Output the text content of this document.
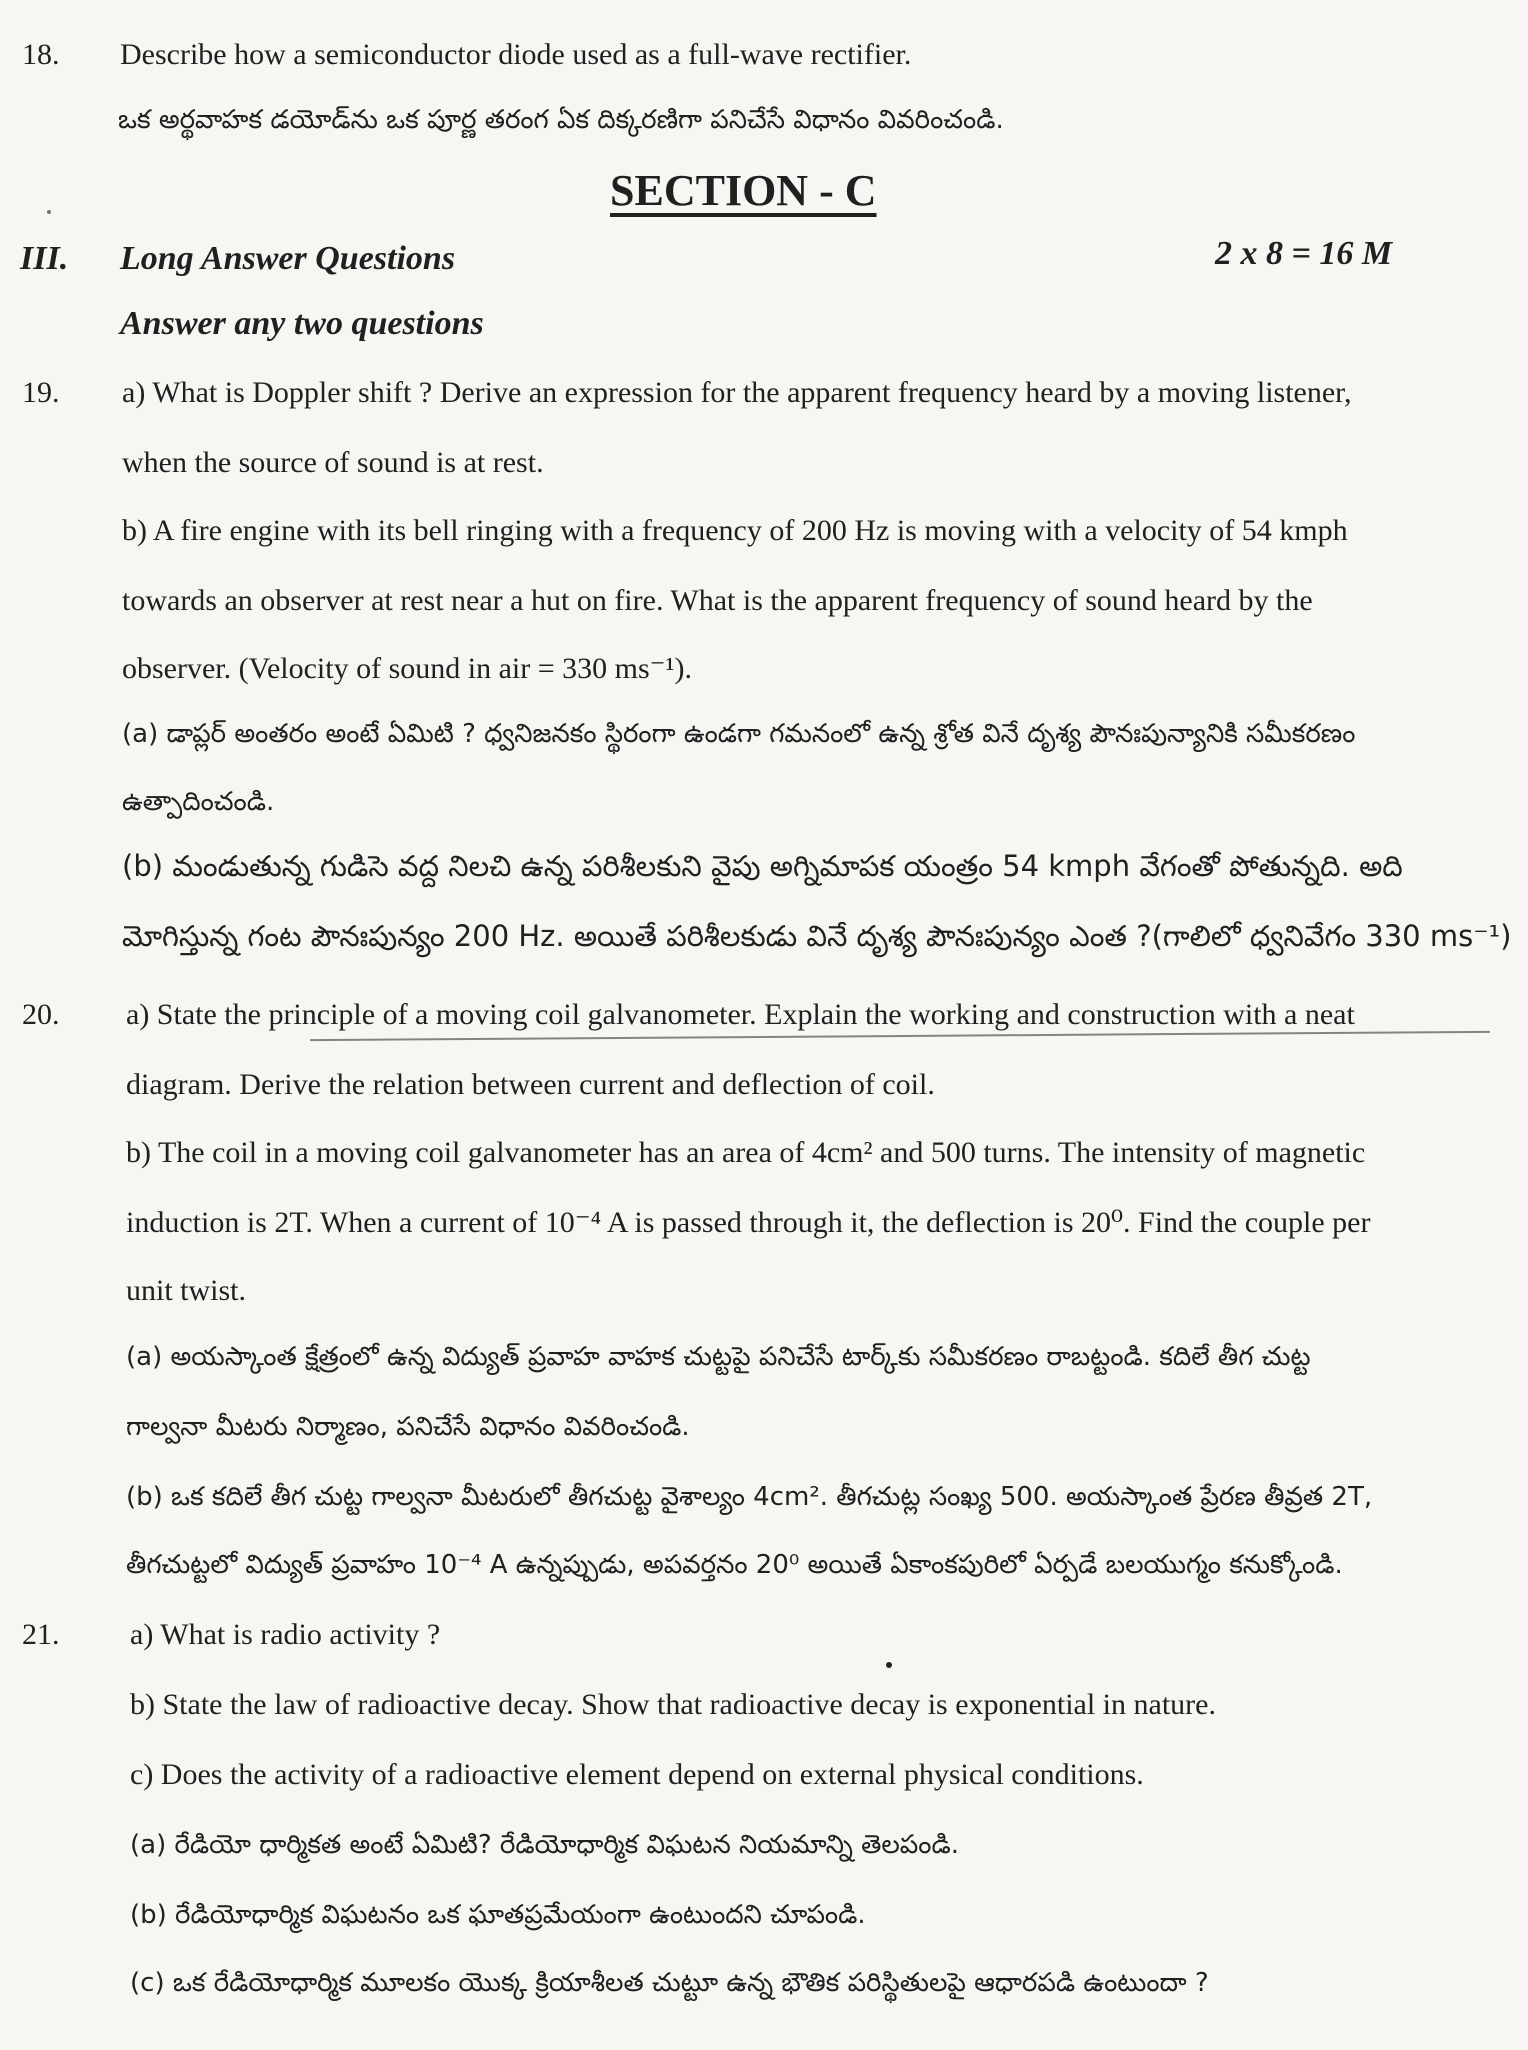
18. Describe how a semiconductor diode used as a full-wave rectifier.
ఒక అర్థవాహక డయోడ్‌ను ఒక పూర్ణ తరంగ ఏక దిక్కరణిగా పనిచేసే విధానం వివరించండి.
SECTION - C
III. Long Answer Questions	2 x 8 = 16 M
Answer any two questions
19. a) What is Doppler shift ? Derive an expression for the apparent frequency heard by a moving listener,
when the source of sound is at rest.
b) A fire engine with its bell ringing with a frequency of 200 Hz is moving with a velocity of 54 kmph
towards an observer at rest near a hut on fire. What is the apparent frequency of sound heard by the
observer. (Velocity of sound in air = 330 ms⁻¹).
(a) డాప్లర్ అంతరం అంటే ఏమిటి ? ధ్వనిజనకం స్థిరంగా ఉండగా గమనంలో ఉన్న శ్రోత వినే దృశ్య పౌనఃపున్యానికి సమీకరణం
ఉత్పాదించండి.
(b) మండుతున్న గుడిసె వద్ద నిలచి ఉన్న పరిశీలకుని వైపు అగ్నిమాపక యంత్రం 54 kmph వేగంతో పోతున్నది. అది
మోగిస్తున్న గంట పౌనఃపున్యం 200 Hz. అయితే పరిశీలకుడు వినే దృశ్య పౌనఃపున్యం ఎంత ?(గాలిలో ధ్వనివేగం 330 ms⁻¹)
20. a) State the principle of a moving coil galvanometer. Explain the working and construction with a neat
diagram. Derive the relation between current and deflection of coil.
b) The coil in a moving coil galvanometer has an area of 4cm² and 500 turns. The intensity of magnetic
induction is 2T. When a current of 10⁻⁴ A is passed through it, the deflection is 20⁰. Find the couple per
unit twist.
(a) అయస్కాంత క్షేత్రంలో ఉన్న విద్యుత్ ప్రవాహ వాహక చుట్టపై పనిచేసే టార్క్‌కు సమీకరణం రాబట్టండి. కదిలే తీగ చుట్ట
గాల్వనా మీటరు నిర్మాణం, పనిచేసే విధానం వివరించండి.
(b) ఒక కదిలే తీగ చుట్ట గాల్వనా మీటరులో తీగచుట్ట వైశాల్యం 4cm². తీగచుట్ల సంఖ్య 500. అయస్కాంత ప్రేరణ తీవ్రత 2T,
తీగచుట్టలో విద్యుత్ ప్రవాహం 10⁻⁴ A ఉన్నప్పుడు, అపవర్తనం 20⁰ అయితే ఏకాంకపురిలో ఏర్పడే బలయుగ్మం కనుక్కోండి.
21. a) What is radio activity ?
b) State the law of radioactive decay. Show that radioactive decay is exponential in nature.
c) Does the activity of a radioactive element depend on external physical conditions.
(a) రేడియో ధార్మికత అంటే ఏమిటి? రేడియోధార్మిక విఘటన నియమాన్ని తెలపండి.
(b) రేడియోధార్మిక విఘటనం ఒక ఘాతప్రమేయంగా ఉంటుందని చూపండి.
(c) ఒక రేడియోధార్మిక మూలకం యొక్క క్రియాశీలత చుట్టూ ఉన్న భౌతిక పరిస్థితులపై ఆధారపడి ఉంటుందా ?
